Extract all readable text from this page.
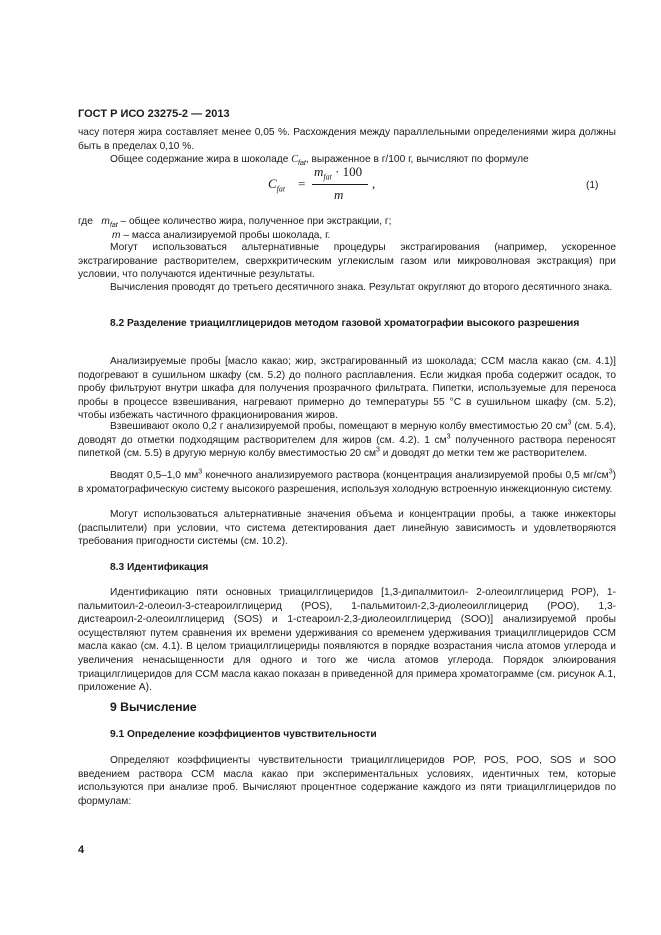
ГОСТ Р ИСО 23275-2 — 2013

часу потеря жира составляет менее 0,05 %. Расхождения между параллельными определениями жира должны быть в пределах 0,10 %.

Общее содержание жира в шоколаде $C_{fat}$, выраженное в г/100 г, вычисляют по формуле

$C_{fat}$ =
$m_{fat} \cdot 100$
m
,	(1)
где $m_{fat}$ – общее количество жира, полученное при экстракции, г;
m – масса анализируемой пробы шоколада, г.

Могут использоваться альтернативные процедуры экстрагирования (например, ускоренное экстрагирование растворителем, сверхкритическим углекислым газом или микроволновая экстракция) при условии, что получаются идентичные результаты.

Вычисления проводят до третьего десятичного знака. Результат округляют до второго десятичного знака.

8.2 Разделение триацилглицеридов методом газовой хроматографии высокого разрешения

Анализируемые пробы [масло какао; жир, экстрагированный из шоколада; CCM масла какао (см. 4.1)] подогревают в сушильном шкафу (см. 5.2) до полного расплавления. Если жидкая проба содержит осадок, то пробу фильтруют внутри шкафа для получения прозрачного фильтрата. Пипетки, используемые для переноса пробы в процессе взвешивания, нагревают примерно до температуры 55 °С в сушильном шкафу (см. 5.2), чтобы избежать частичного фракционирования жиров.

Взвешивают около 0,2 г анализируемой пробы, помещают в мерную колбу вместимостью 20 $см^3$ (см. 5.4), доводят до отметки подходящим растворителем для жиров (см. 4.2). 1 $см^3$ полученного раствора переносят пипеткой (см. 5.5) в другую мерную колбу вместимостью 20 $см^3$ и доводят до метки тем же растворителем.

Вводят 0,5–1,0 $мм^3$ конечного анализируемого раствора (концентрация анализируемой пробы 0,5 $мг/см^3$) в хроматографическую систему высокого разрешения, используя холодную встроенную инжекционную систему.

Могут использоваться альтернативные значения объема и концентрации пробы, а также инжекторы (распылители) при условии, что система детектирования дает линейную зависимость и удовлетворяются требования пригодности системы (см. 10.2).

8.3 Идентификация

Идентификацию пяти основных триацилглицеридов [1,3-дипалмитоил- 2-олеоилглицерид POP), 1-пальмитоил-2-олеоил-3-стеароилглицерид (POS), 1-пальмитоил-2,3-диолеоилглицерид (POO), 1,3-дистеароил-2-олеоилглицерид (SOS) и 1-стеароил-2,3-диолеоилглицерид (SOO)] анализируемой пробы осуществляют путем сравнения их времени удерживания со временем удерживания триацилглицеридов CCM масла какао (см. 4.1). В целом триацилглицериды появляются в порядке возрастания числа атомов углерода и увеличения ненасыщенности для одного и того же числа атомов углерода. Порядок элюирования триацилглицеридов для CCM масла какао показан в приведенной для примера хроматограмме (см. рисунок А.1, приложение А).

9 Вычисление

9.1 Определение коэффициентов чувствительности

Определяют коэффициенты чувствительности триацилглицеридов POP, POS, POO, SOS и SOO введением раствора CCM масла какао при экспериментальных условиях, идентичных тем, которые используются при анализе проб. Вычисляют процентное содержание каждого из пяти триацилглицеридов по формулам:

4
